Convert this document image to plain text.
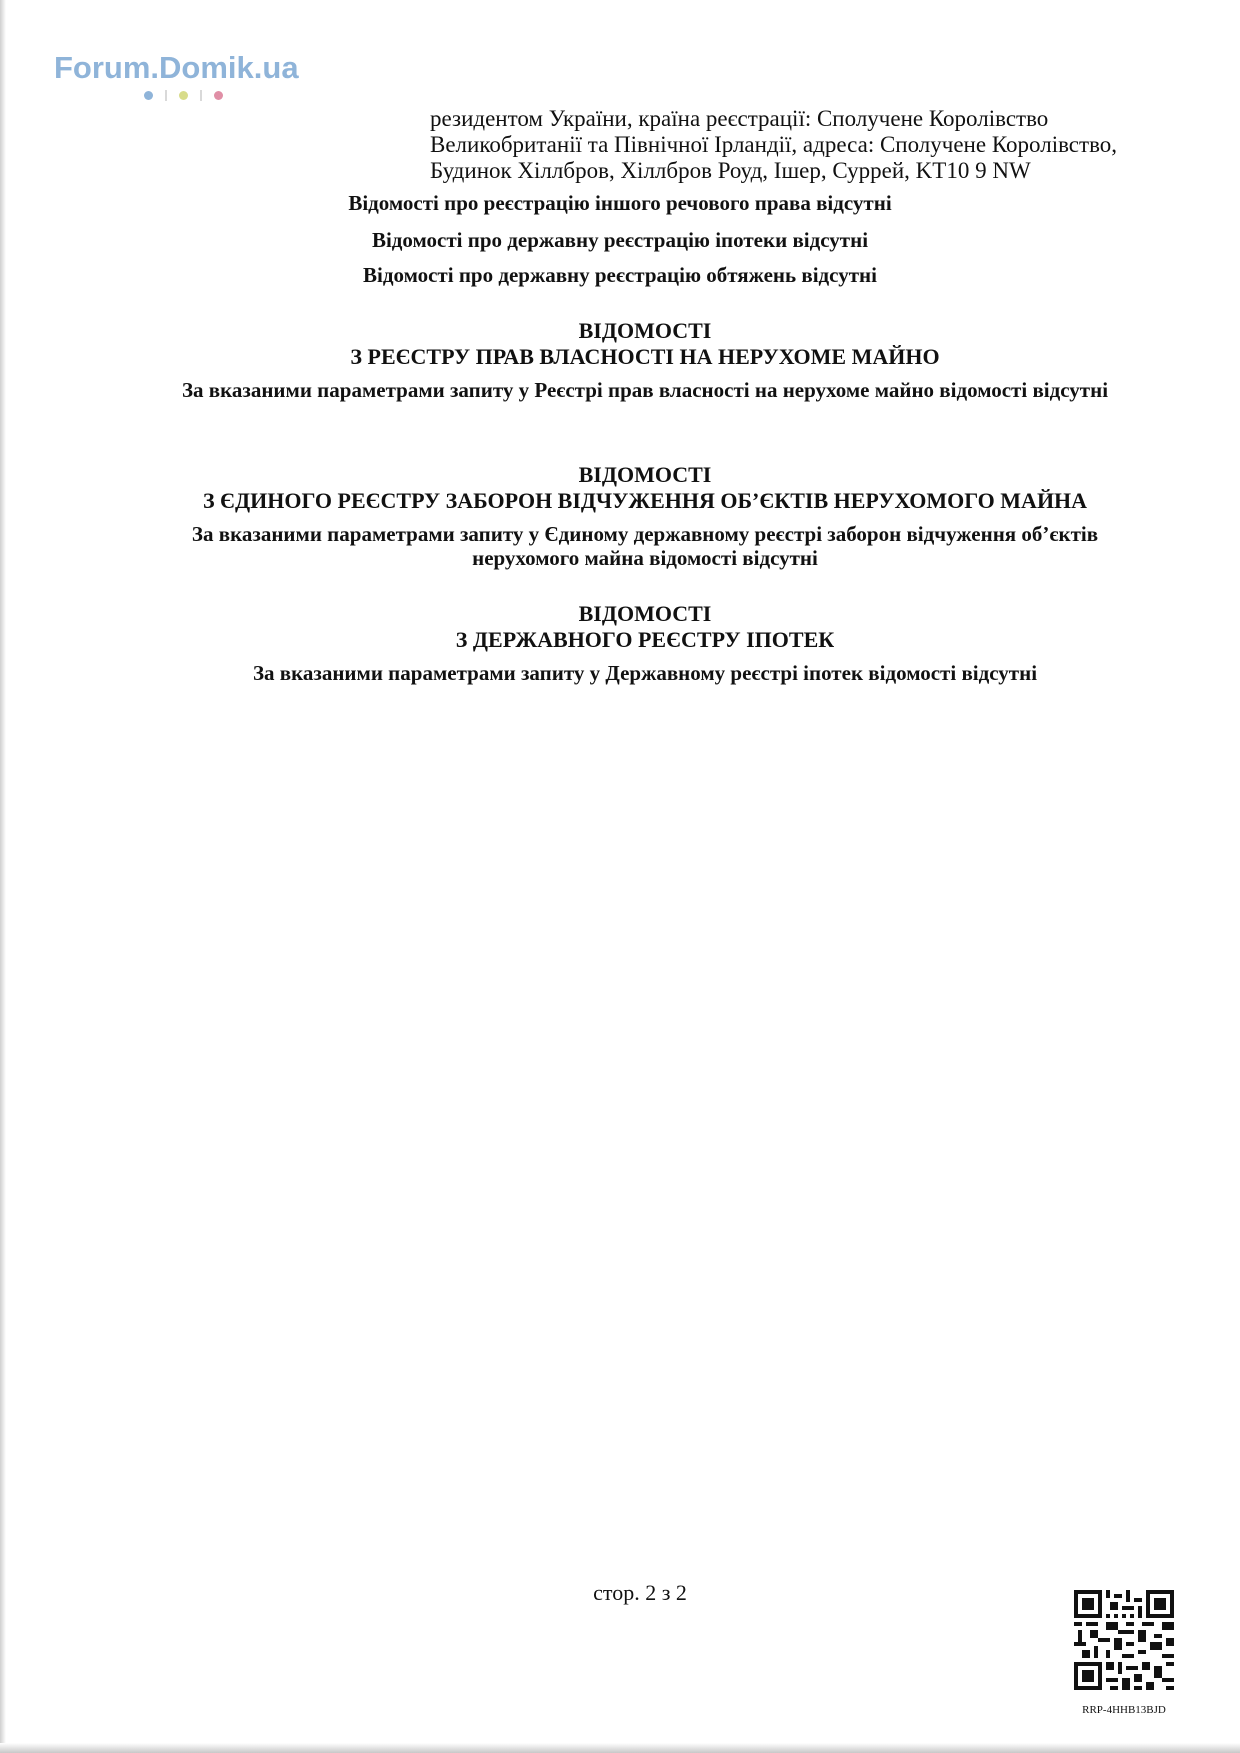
Forum.Domik.ua
резидентом України, країна реєстрації: Сполучене Королівство
Великобританії та Північної Ірландії, адреса: Сполучене Королівство,
Будинок Хіллбров, Хіллбров Роуд, Ішер, Суррей, KT10 9 NW
Відомості про реєстрацію іншого речового права відсутні
Відомості про державну реєстрацію іпотеки відсутні
Відомості про державну реєстрацію обтяжень відсутні
ВІДОМОСТІ
З РЕЄСТРУ ПРАВ ВЛАСНОСТІ НА НЕРУХОМЕ МАЙНО
За вказаними параметрами запиту у Реєстрі прав власності на нерухоме майно відомості відсутні
ВІДОМОСТІ
З ЄДИНОГО РЕЄСТРУ ЗАБОРОН ВІДЧУЖЕННЯ ОБ’ЄКТІВ НЕРУХОМОГО МАЙНА
За вказаними параметрами запиту у Єдиному державному реєстрі заборон відчуження об’єктів нерухомого майна відомості відсутні
ВІДОМОСТІ
З ДЕРЖАВНОГО РЕЄСТРУ ІПОТЕК
За вказаними параметрами запиту у Державному реєстрі іпотек відомості відсутні
стор. 2 з 2
RRP-4HHB13BJD
